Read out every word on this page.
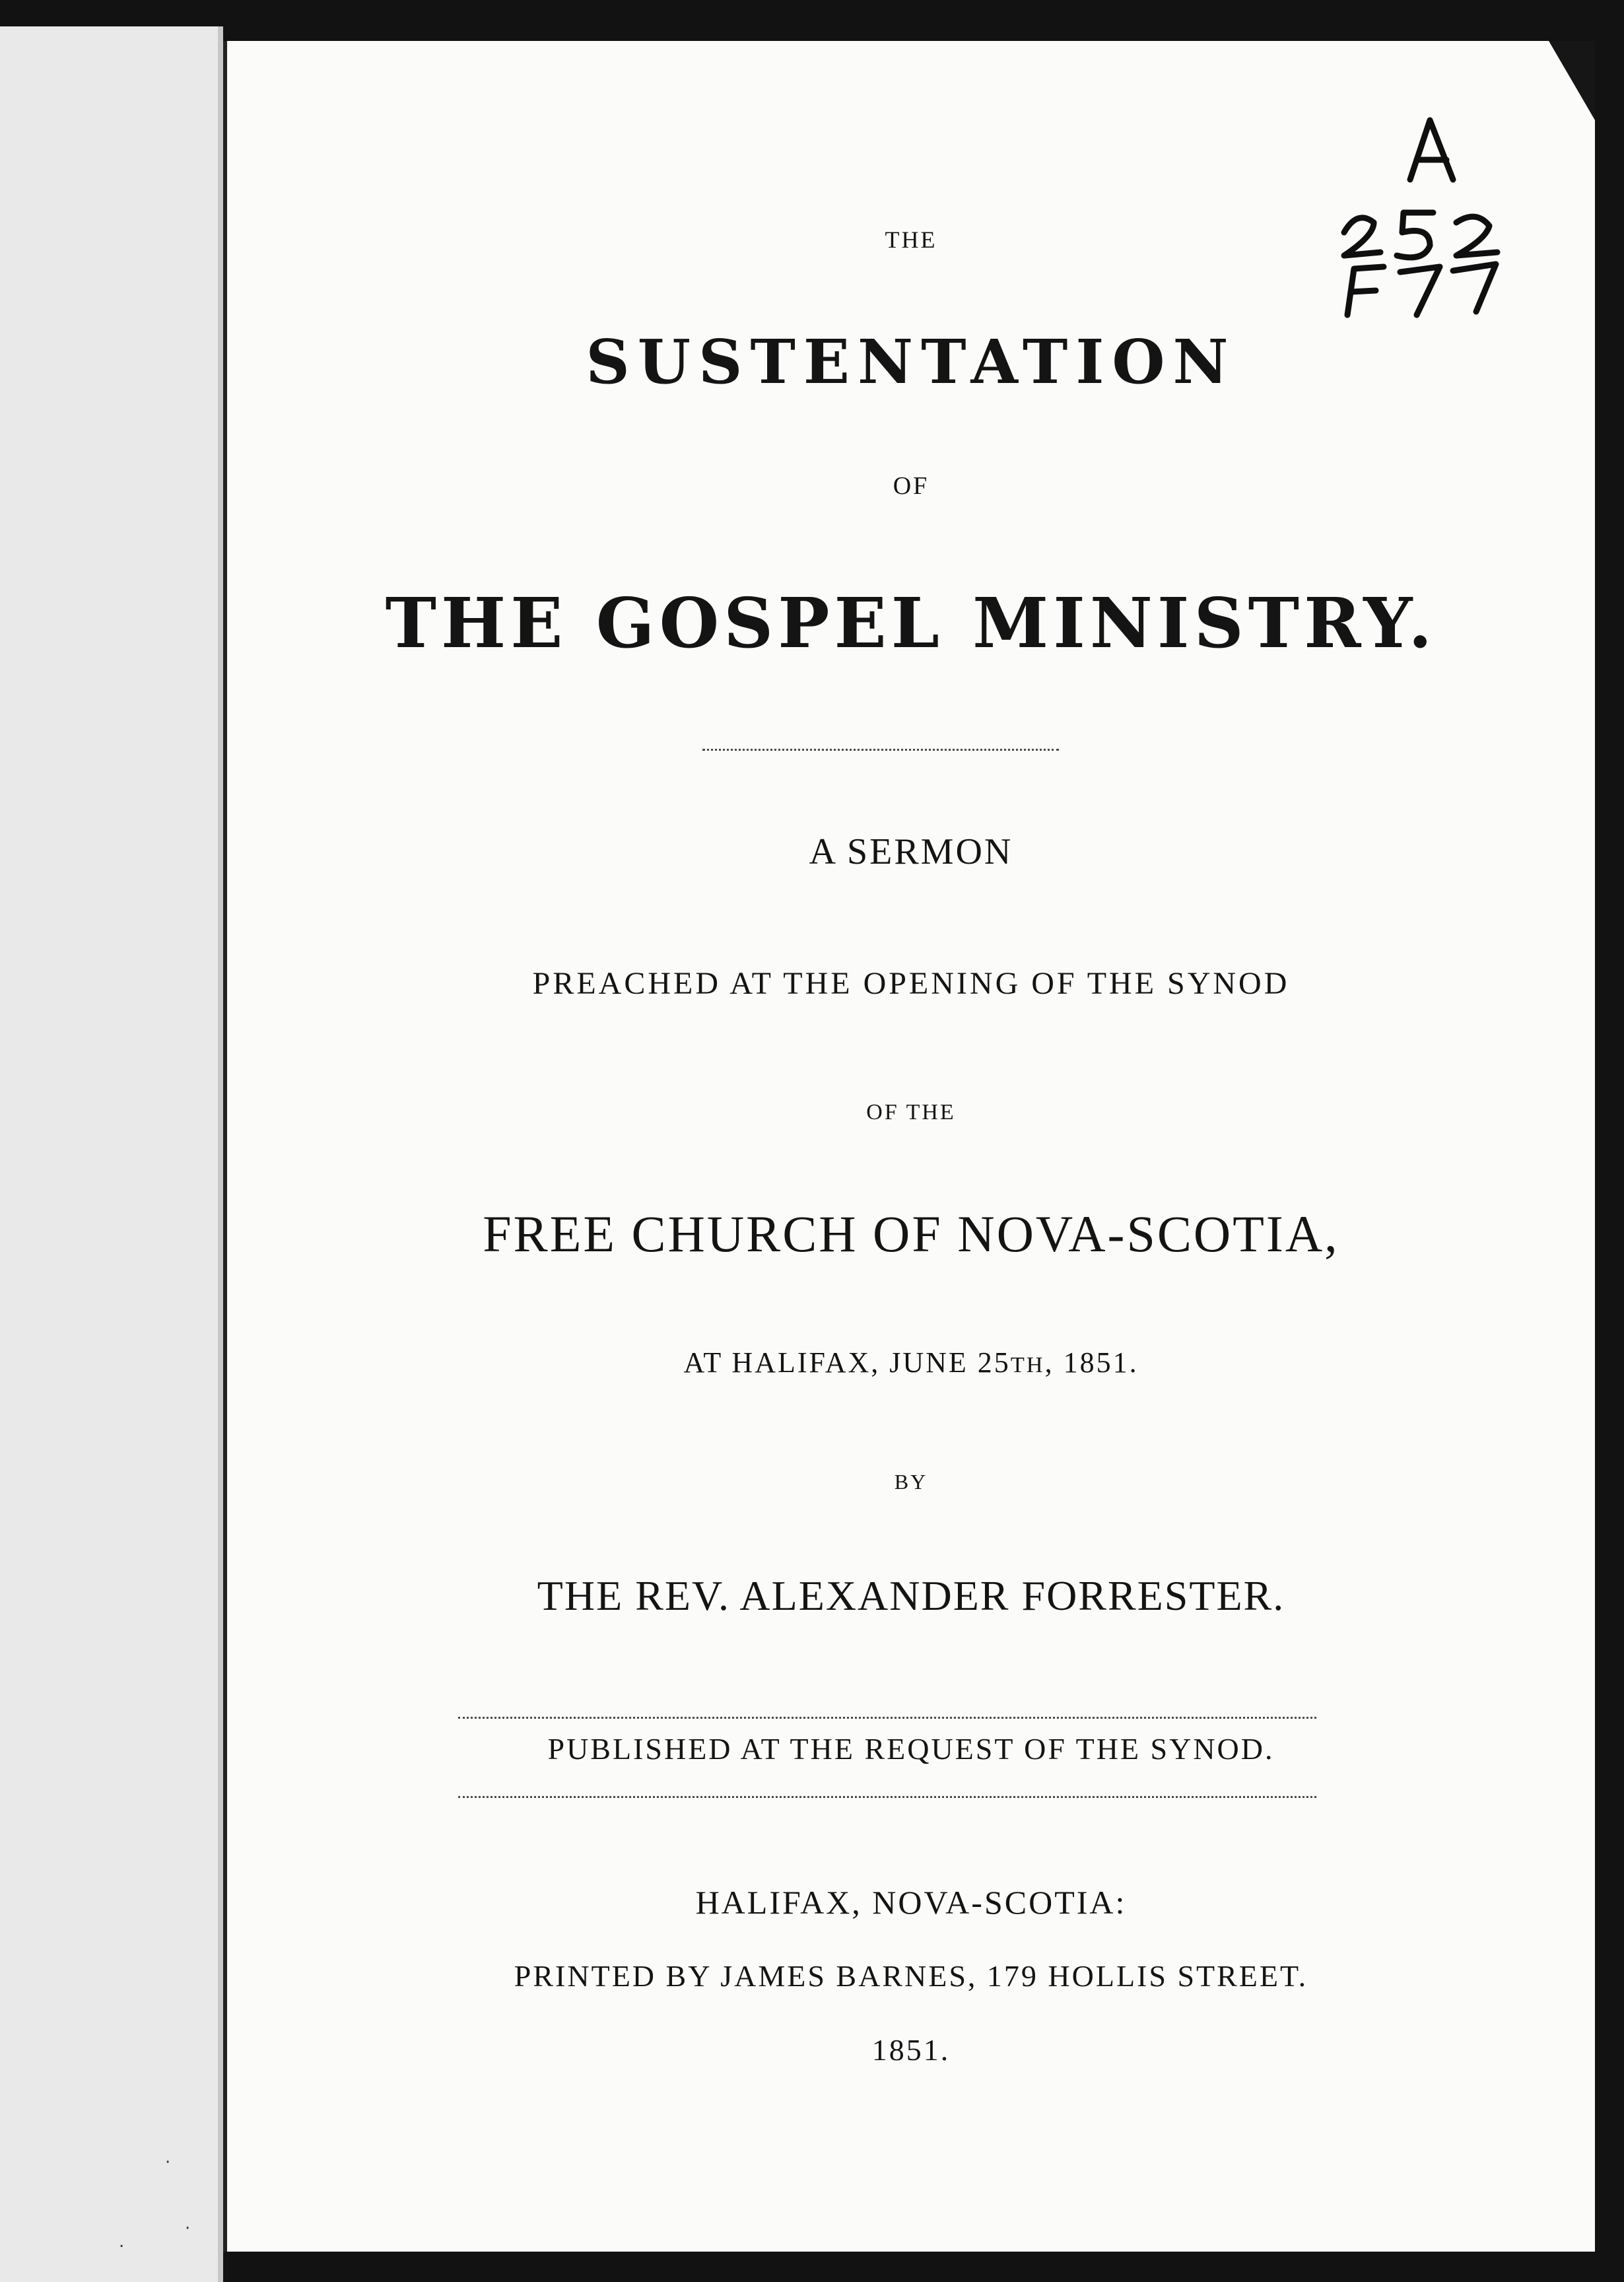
·
·
.

THE

SUSTENTATION

OF

THE GOSPEL MINISTRY.

A SERMON

PREACHED AT THE OPENING OF THE SYNOD

OF THE

FREE CHURCH OF NOVA-SCOTIA,

AT HALIFAX, JUNE 25TH, 1851.

BY

THE REV. ALEXANDER FORRESTER.

PUBLISHED AT THE REQUEST OF THE SYNOD.

HALIFAX, NOVA-SCOTIA:

PRINTED BY JAMES BARNES, 179 HOLLIS STREET.

1851.
